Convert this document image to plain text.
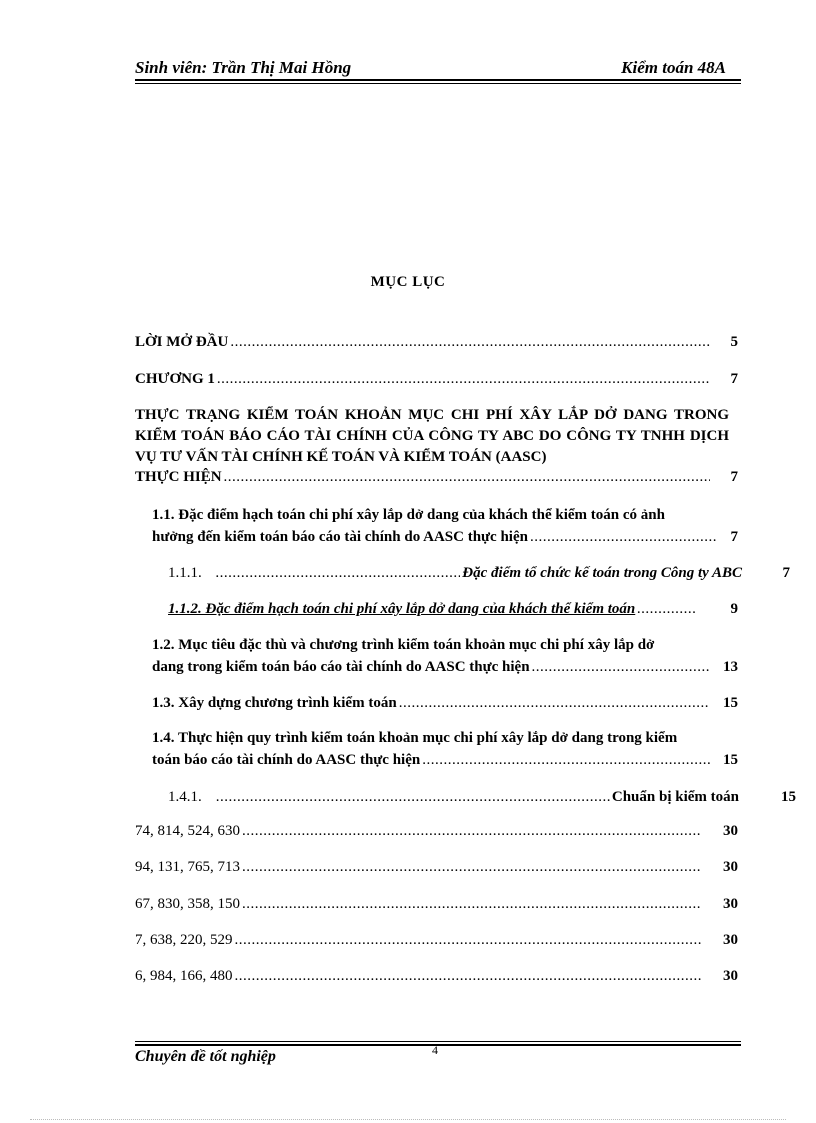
Sinh viên: Trần Thị Mai Hồng	Kiểm toán 48A
MỤC LỤC
LỜI MỞ ĐẦU .....	5
CHƯƠNG 1 .....	7
THỰC TRẠNG KIỂM TOÁN KHOẢN MỤC CHI PHÍ XÂY LẮP DỞ DANG TRONG KIỂM TOÁN BÁO CÁO TÀI CHÍNH CỦA CÔNG TY ABC DO CÔNG TY TNHH DỊCH VỤ TƯ VẤN TÀI CHÍNH KẾ TOÁN VÀ KIỂM TOÁN (AASC)
THỰC HIỆN .....	7
1.1. Đặc điểm hạch toán chi phí xây lắp dở dang của khách thể kiểm toán có ảnh
hưởng đến kiểm toán báo cáo tài chính do AASC thực hiện .....	7
1.1.1. .....	Đặc điểm tổ chức kế toán trong Công ty ABC	7
1.1.2. Đặc điểm hạch toán chi phí xây lắp dở dang của khách thể kiểm toán .....	9
1.2. Mục tiêu đặc thù và chương trình kiểm toán khoản mục chi phí xây lắp dở
dang trong kiểm toán báo cáo tài chính do AASC thực hiện .....	13
1.3. Xây dựng chương trình kiểm toán .....	15
1.4. Thực hiện quy trình kiểm toán khoản mục chi phí xây lắp dở dang trong kiểm
toán báo cáo tài chính do AASC thực hiện .....	15
1.4.1. .....	Chuẩn bị kiểm toán	15
74, 814, 524, 630 .....	30
94, 131, 765, 713 .....	30
67, 830, 358, 150 .....	30
7, 638, 220, 529 .....	30
6, 984, 166, 480 .....	30
Chuyên đề tốt nghiệp	4
